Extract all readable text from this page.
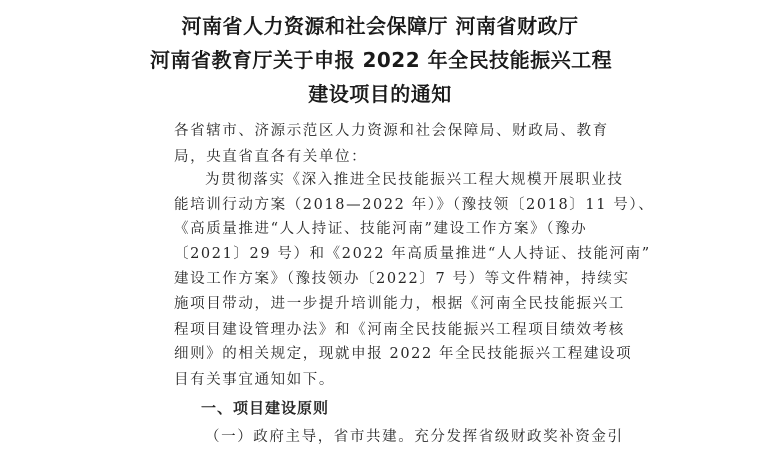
河南省人力资源和社会保障厅 河南省财政厅
河南省教育厅关于申报 2022 年全民技能振兴工程
建设项目的通知
各省辖市、济源示范区人力资源和社会保障局、财政局、教育
局，央直省直各有关单位：
为贯彻落实《深入推进全民技能振兴工程大规模开展职业技
能培训行动方案（2018—2022 年）》（豫技领〔2018〕11 号）、
《高质量推进“人人持证、技能河南”建设工作方案》（豫办
〔2021〕29 号）和《2022 年高质量推进“人人持证、技能河南”
建设工作方案》（豫技领办〔2022〕7 号）等文件精神，持续实
施项目带动，进一步提升培训能力，根据《河南全民技能振兴工
程项目建设管理办法》和《河南全民技能振兴工程项目绩效考核
细则》的相关规定，现就申报 2022 年全民技能振兴工程建设项
目有关事宜通知如下。
一、项目建设原则
（一）政府主导，省市共建。充分发挥省级财政奖补资金引
